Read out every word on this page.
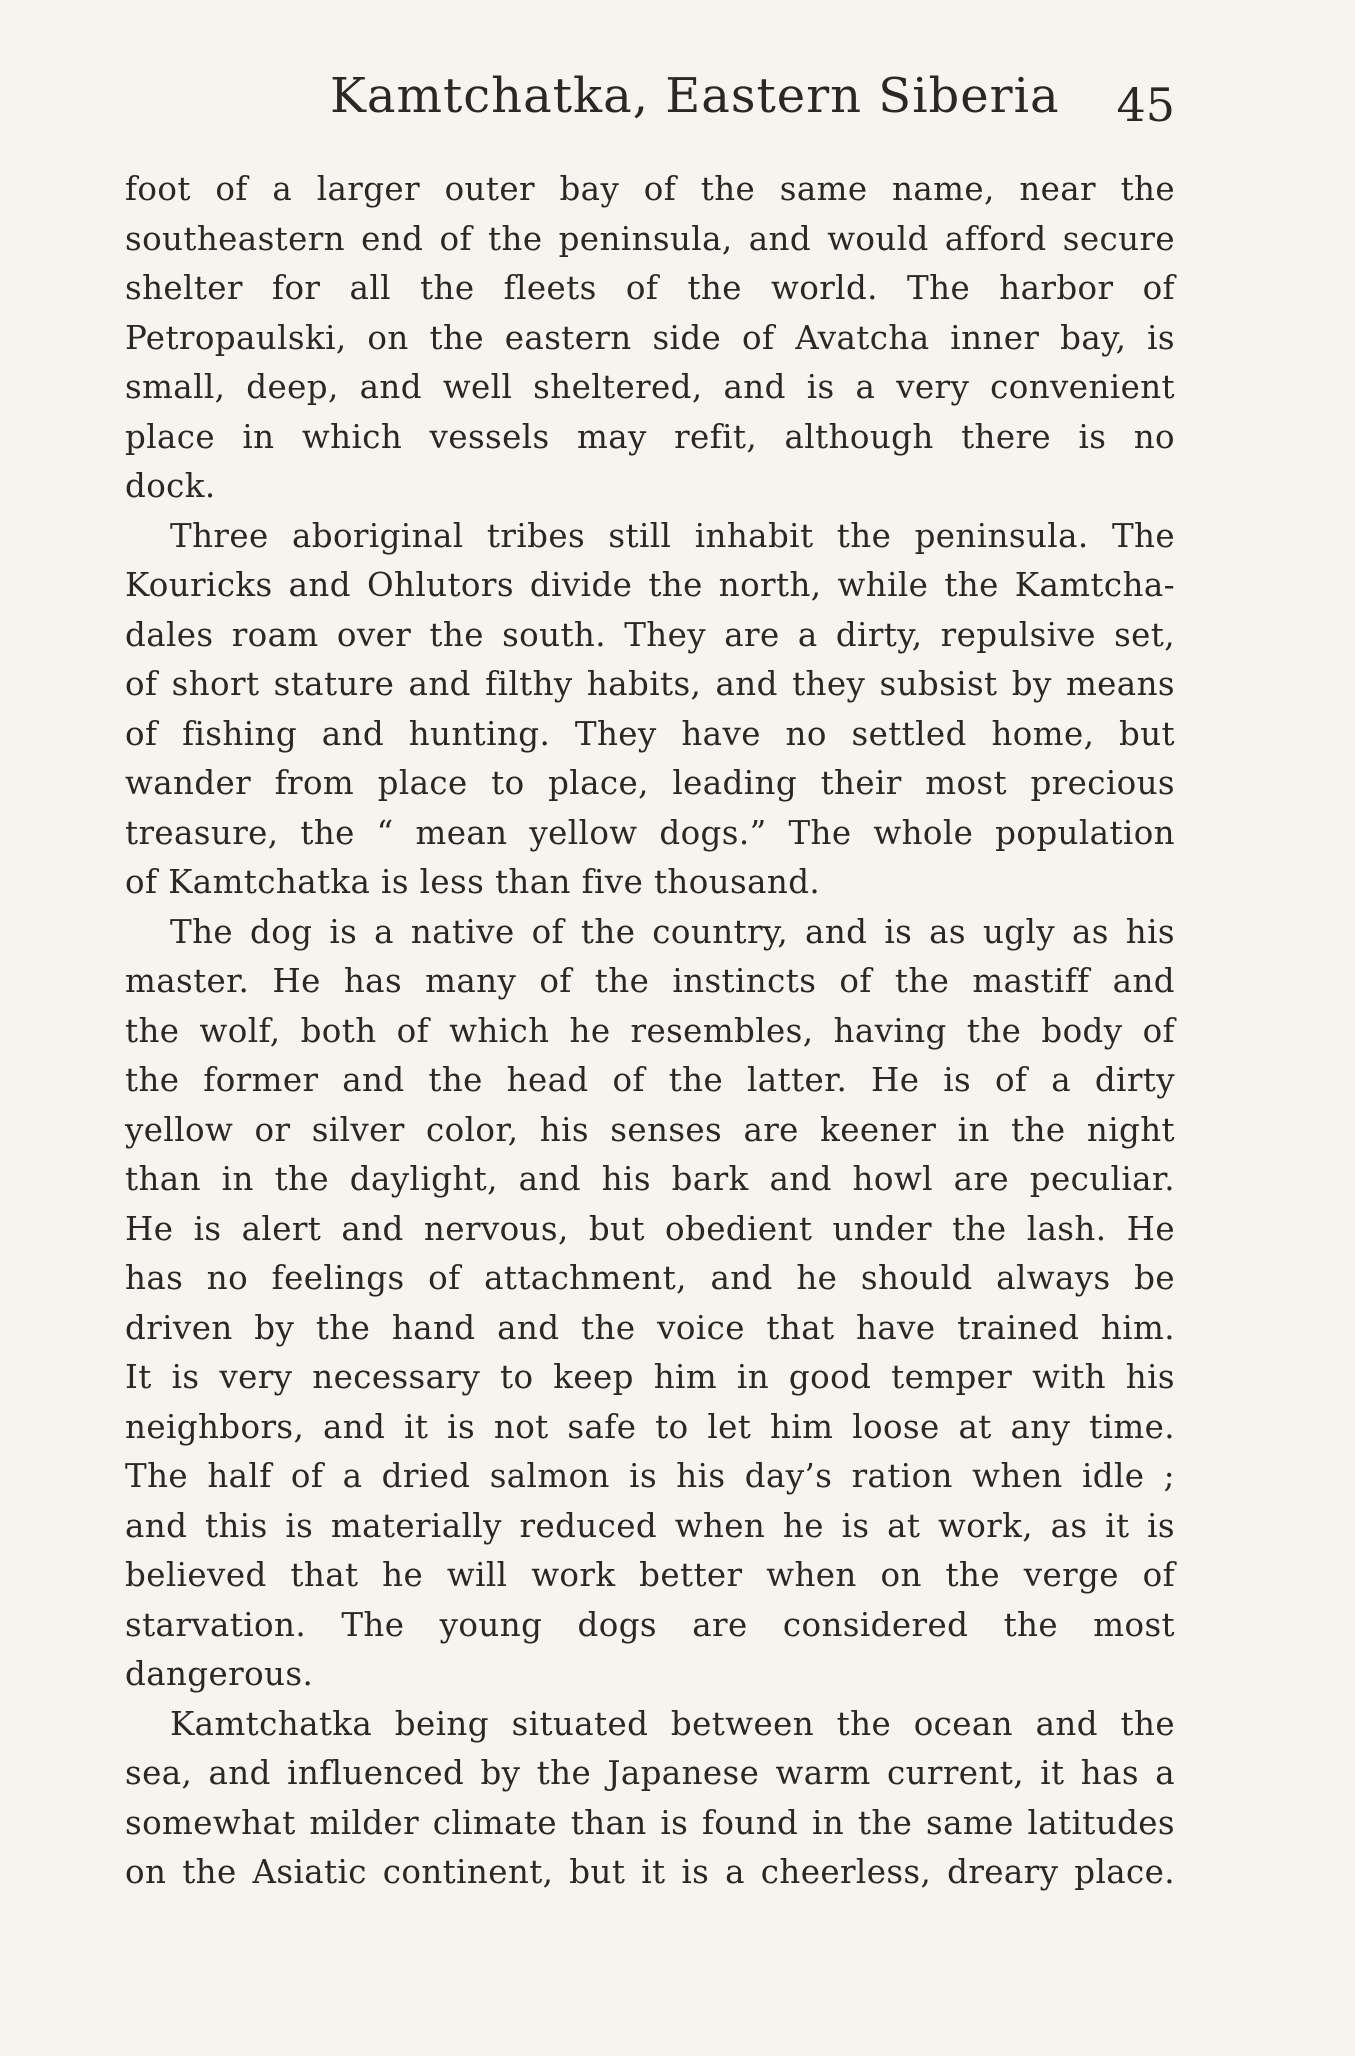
Kamtchatka, Eastern Siberia 45
foot of a larger outer bay of the same name, near the
southeastern end of the peninsula, and would afford secure
shelter for all the fleets of the world. The harbor of
Petropaulski, on the eastern side of Avatcha inner bay, is
small, deep, and well sheltered, and is a very convenient
place in which vessels may refit, although there is no
dock.
Three aboriginal tribes still inhabit the peninsula. The
Kouricks and Ohlutors divide the north, while the Kamtcha-
dales roam over the south. They are a dirty, repulsive set,
of short stature and filthy habits, and they subsist by means
of fishing and hunting. They have no settled home, but
wander from place to place, leading their most precious
treasure, the “ mean yellow dogs.” The whole population
of Kamtchatka is less than five thousand.
The dog is a native of the country, and is as ugly as his
master. He has many of the instincts of the mastiff and
the wolf, both of which he resembles, having the body of
the former and the head of the latter. He is of a dirty
yellow or silver color, his senses are keener in the night
than in the daylight, and his bark and howl are peculiar.
He is alert and nervous, but obedient under the lash. He
has no feelings of attachment, and he should always be
driven by the hand and the voice that have trained him.
It is very necessary to keep him in good temper with his
neighbors, and it is not safe to let him loose at any time.
The half of a dried salmon is his day’s ration when idle ;
and this is materially reduced when he is at work, as it is
believed that he will work better when on the verge of
starvation. The young dogs are considered the most
dangerous.
Kamtchatka being situated between the ocean and the
sea, and influenced by the Japanese warm current, it has a
somewhat milder climate than is found in the same latitudes
on the Asiatic continent, but it is a cheerless, dreary place.
